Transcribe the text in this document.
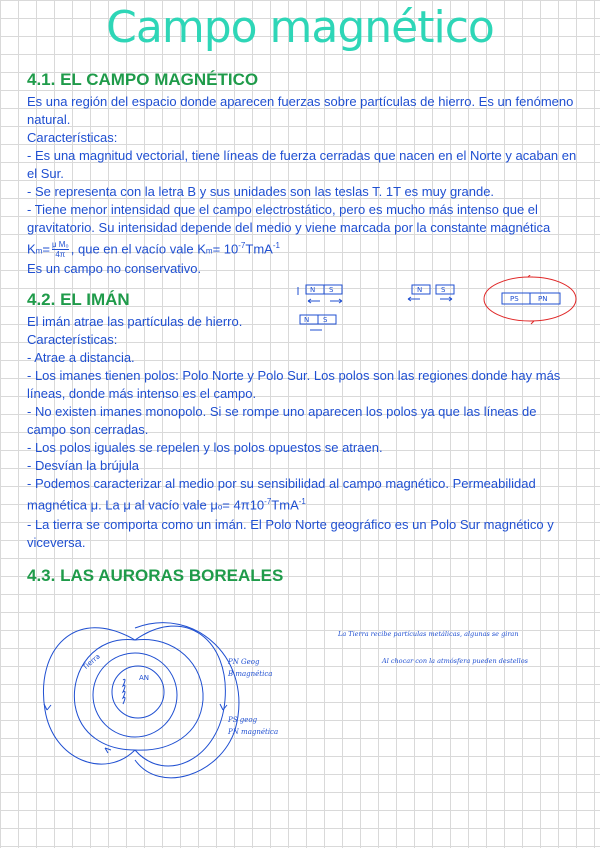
Campo magnético
4.1. EL CAMPO MAGNÉTICO

Es una región del espacio donde aparecen fuerzas sobre partículas de hierro. Es un fenómeno natural.

Características:

- Es una magnitud vectorial, tiene líneas de fuerza cerradas que nacen en el Norte y acaban en el Sur.

- Se representa con la letra B y sus unidades son las teslas T. 1T es muy grande.

- Tiene menor intensidad que el campo electrostático, pero es mucho más intenso que el gravitatorio. Su intensidad depende del medio y viene marcada por la constante magnética

$Km= \frac{\text{μ M₀}}{4\pi}$ , que en el vacío vale $Km= 10^{-7}TmA^{-1}$

Es un campo no conservativo.

4.2. EL IMÁN

El imán atrae las partículas de hierro.

Características:

- Atrae a distancia.

- Los imanes tienen polos: Polo Norte y Polo Sur. Los polos son las regiones donde hay más líneas, donde más intenso es el campo.

- No existen imanes monopolo. Si se rompe uno aparecen los polos ya que las líneas de campo son cerradas.

- Los polos iguales se repelen y los polos opuestos se atraen.

- Desvían la brújula

- Podemos caracterizar al medio por su sensibilidad al campo magnético. Permeabilidad magnética μ. La μ al vacío vale $\mu o= 4\pi 10^{-7}TmA^{-1}$

- La tierra se comporta como un imán. El Polo Norte geográfico es un Polo Sur magnético y viceversa.

N S
N S
N	S
PS	PN
4.3. LAS AURORAS BOREALES
AN
Tierra	PN Geog
B magnética
PS geog
PN magnética
La Tierra recibe partículas metálicas, algunas se giran
Al chocar con la atmósfera pueden destellos
